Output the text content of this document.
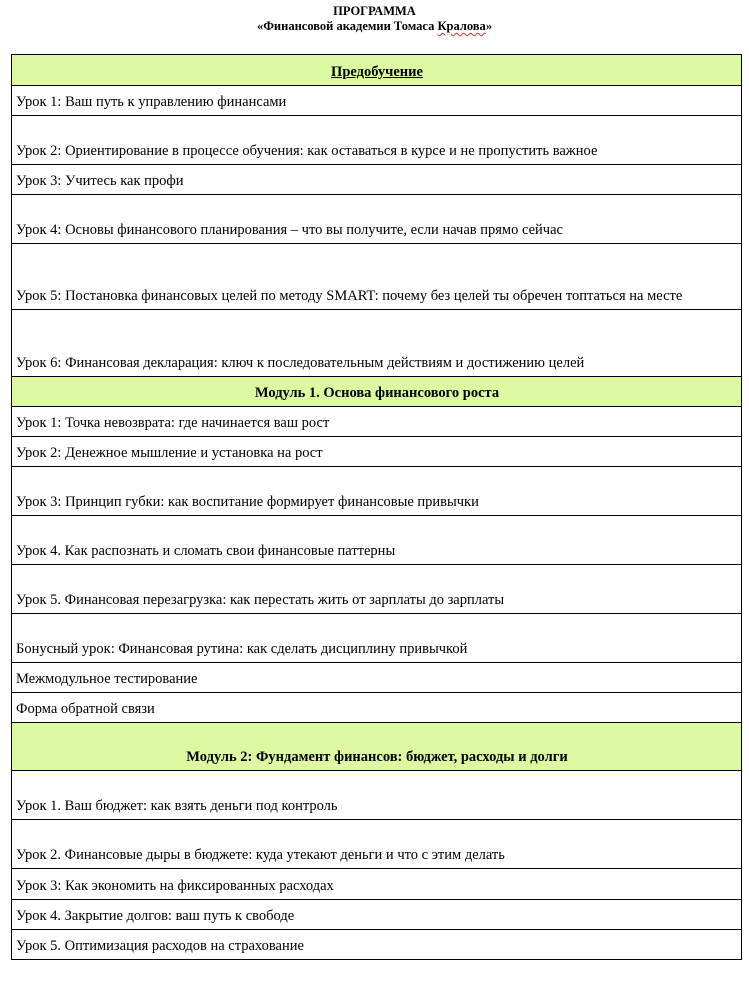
ПРОГРАММА
«Финансовой академии Томаса Кралова»
Предобучение
Урок 1: Ваш путь к управлению финансами
Урок 2: Ориентирование в процессе обучения: как оставаться в курсе и не пропустить важное
Урок 3: Учитесь как профи
Урок 4: Основы финансового планирования – что вы получите, если начав прямо сейчас
Урок 5: Постановка финансовых целей по методу SMART: почему без целей ты обречен топтаться на месте
Урок 6: Финансовая декларация: ключ к последовательным действиям и достижению целей
Модуль 1. Основа финансового роста
Урок 1: Точка невозврата: где начинается ваш рост
Урок 2: Денежное мышление и установка на рост
Урок 3: Принцип губки: как воспитание формирует финансовые привычки
Урок 4. Как распознать и сломать свои финансовые паттерны
Урок 5. Финансовая перезагрузка: как перестать жить от зарплаты до зарплаты
Бонусный урок: Финансовая рутина: как сделать дисциплину привычкой
Межмодульное тестирование
Форма обратной связи
Модуль 2: Фундамент финансов: бюджет, расходы и долги
Урок 1. Ваш бюджет: как взять деньги под контроль
Урок 2. Финансовые дыры в бюджете: куда утекают деньги и что с этим делать
Урок 3: Как экономить на фиксированных расходах
Урок 4. Закрытие долгов: ваш путь к свободе
Урок 5. Оптимизация расходов на страхование
